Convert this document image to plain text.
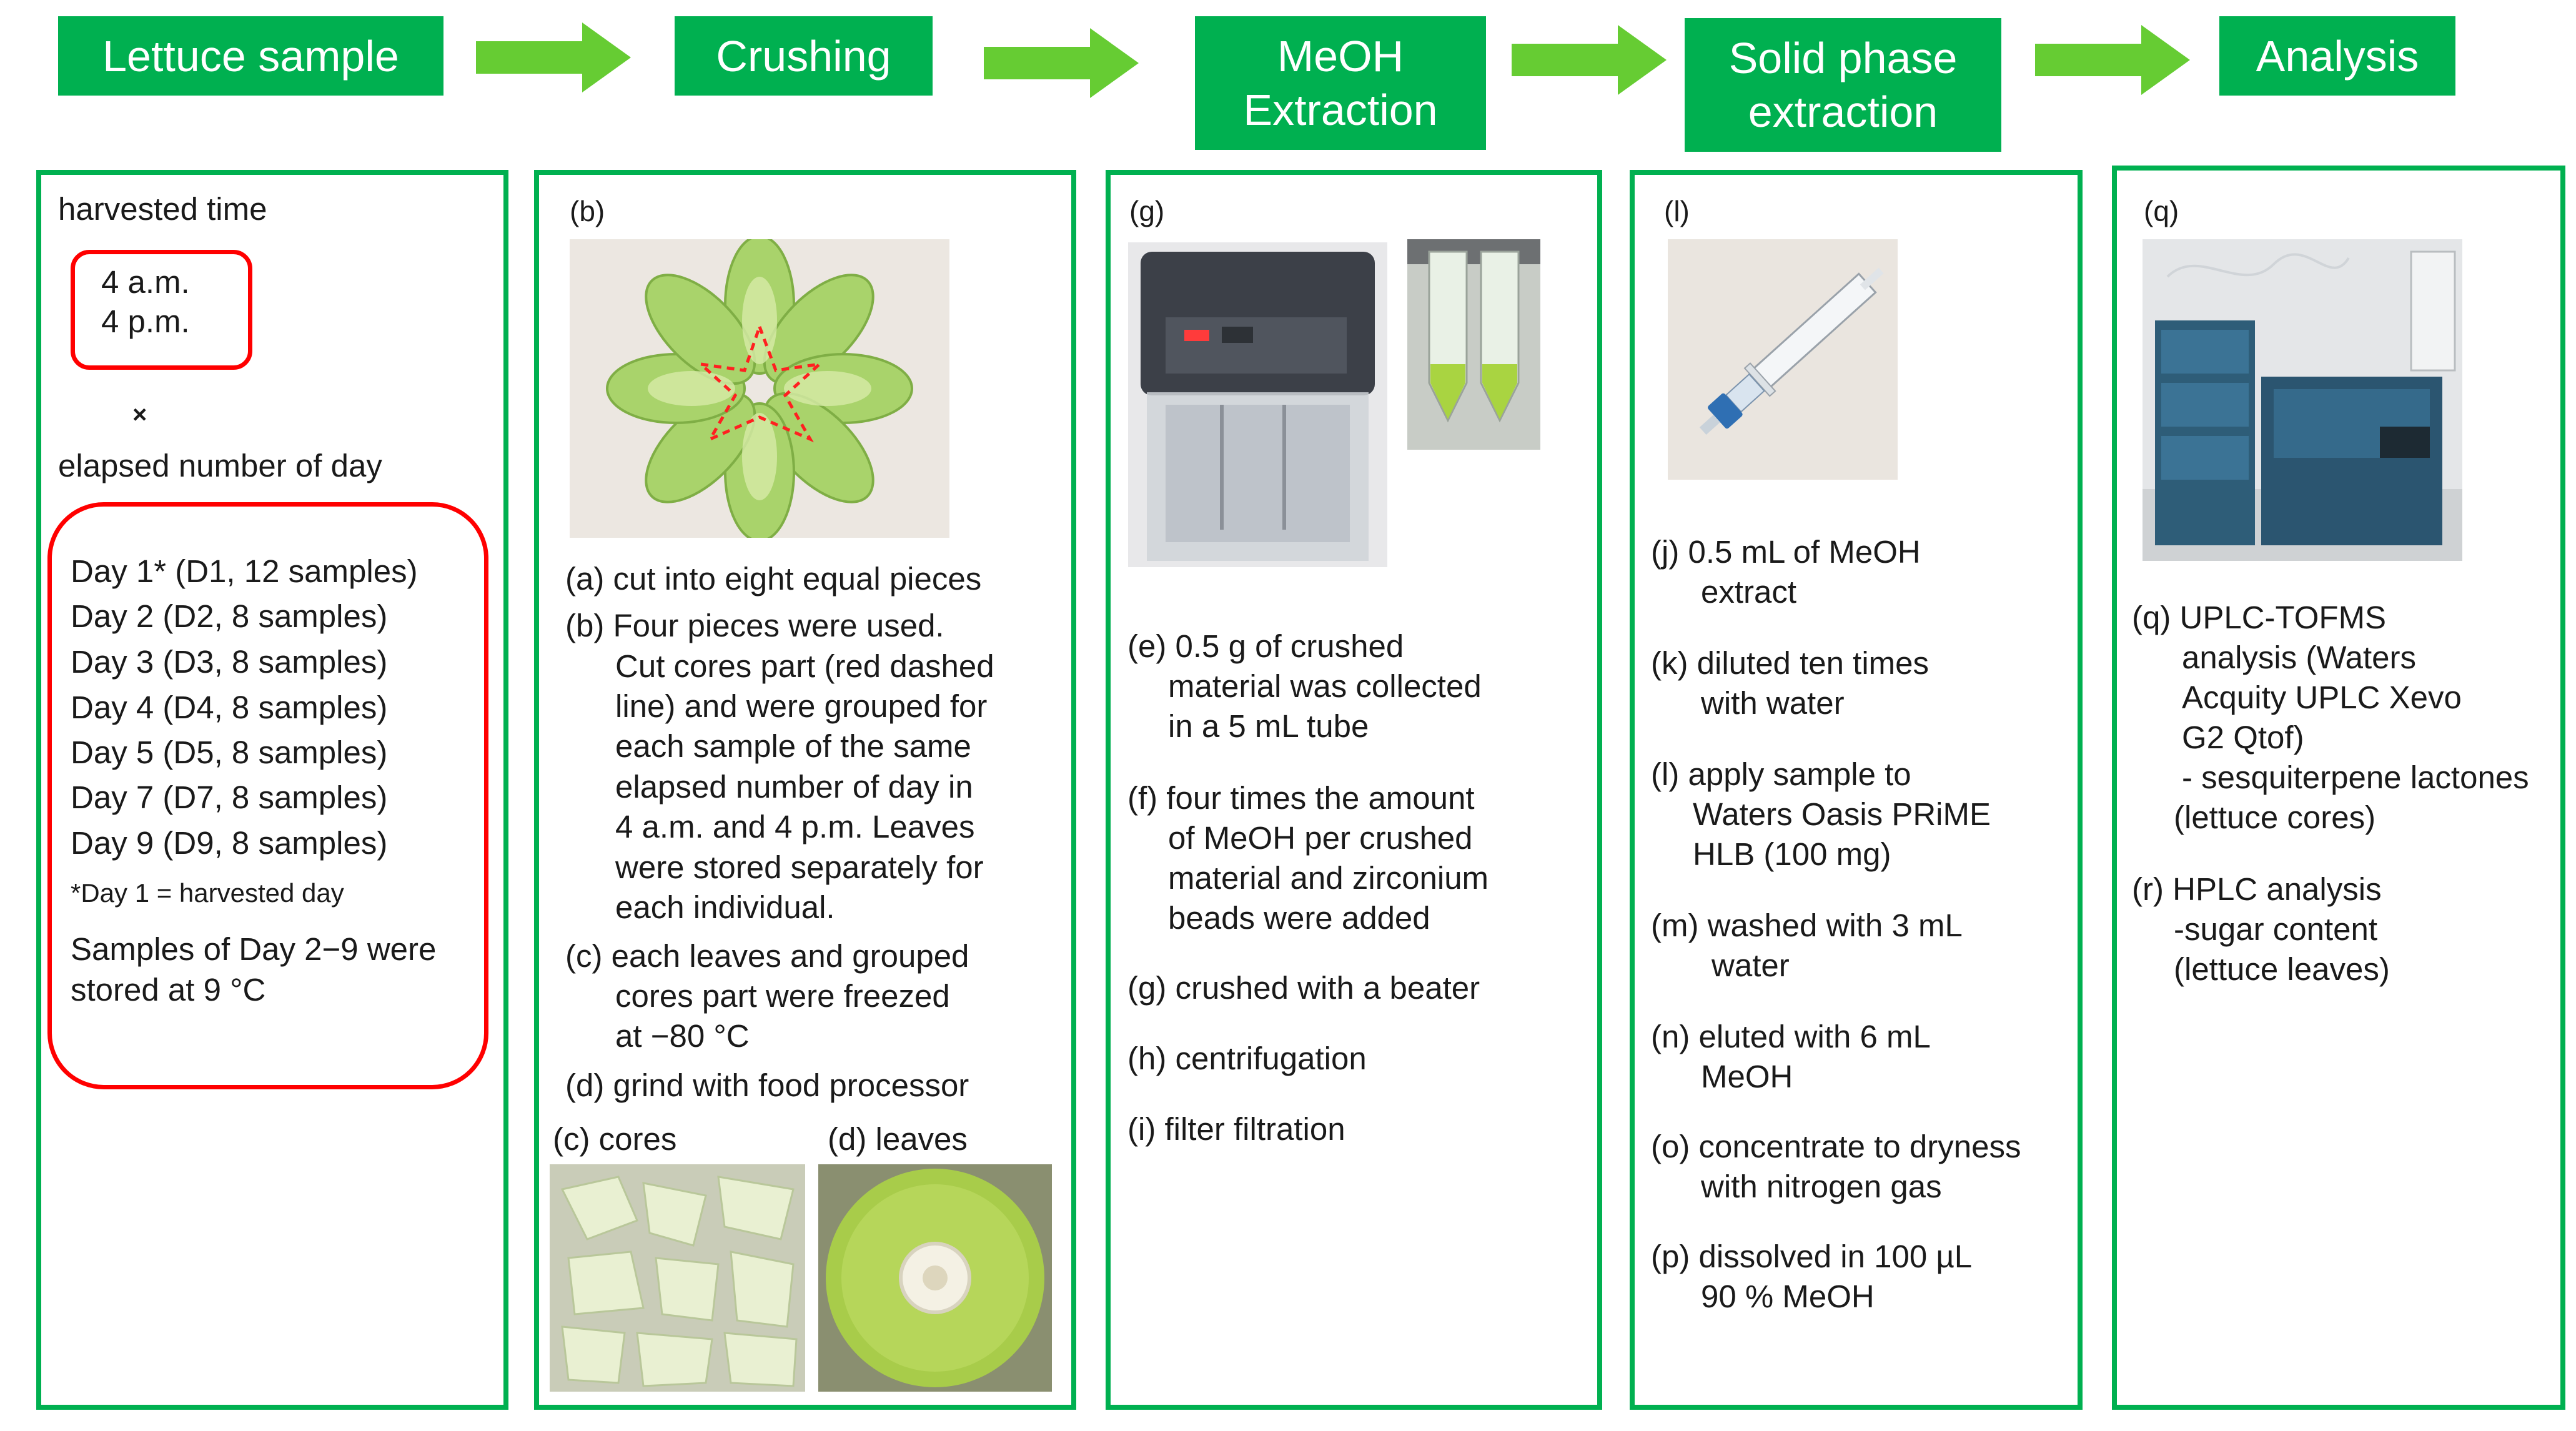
Lettuce sample	Crushing	MeOH
Extraction
Solid phase
extraction
Analysis
harvested time
4 a.m.
4 p.m.
×
elapsed number of day
Day 1* (D1, 12 samples)
Day 2 (D2, 8 samples)
Day 3 (D3, 8 samples)
Day 4 (D4, 8 samples)
Day 5 (D5, 8 samples)
Day 7 (D7, 8 samples)
Day 9 (D9, 8 samples)
*Day 1 = harvested day
Samples of Day 2−9 were
stored at 9 °C
(b)
(a) cut into eight equal pieces
(b) Four pieces were used.
Cut cores part (red dashed
line) and were grouped for
each sample of the same
elapsed number of day in
4 a.m. and 4 p.m. Leaves
were stored separately for
each individual.
(c) each leaves and grouped
cores part were freezed
at −80 °C
(d) grind with food processor
(c) cores	(d) leaves
(g)
(e) 0.5 g of crushed
material was collected
in a 5 mL tube
(f) four times the amount
of MeOH per crushed
material and zirconium
beads were added
(g) crushed with a beater
(h) centrifugation
(i) filter filtration
(l)
(j) 0.5 mL of MeOH
extract
(k) diluted ten times
with water
(l) apply sample to
Waters Oasis PRiME
HLB (100 mg)
(m) washed with 3 mL
water
(n) eluted with 6 mL
MeOH
(o) concentrate to dryness
with nitrogen gas
(p) dissolved in 100 µL
90 % MeOH
(q)
(q) UPLC-TOFMS
analysis (Waters
Acquity UPLC Xevo
G2 Qtof)
- sesquiterpene lactones
(lettuce cores)
(r) HPLC analysis
-sugar content
(lettuce leaves)
